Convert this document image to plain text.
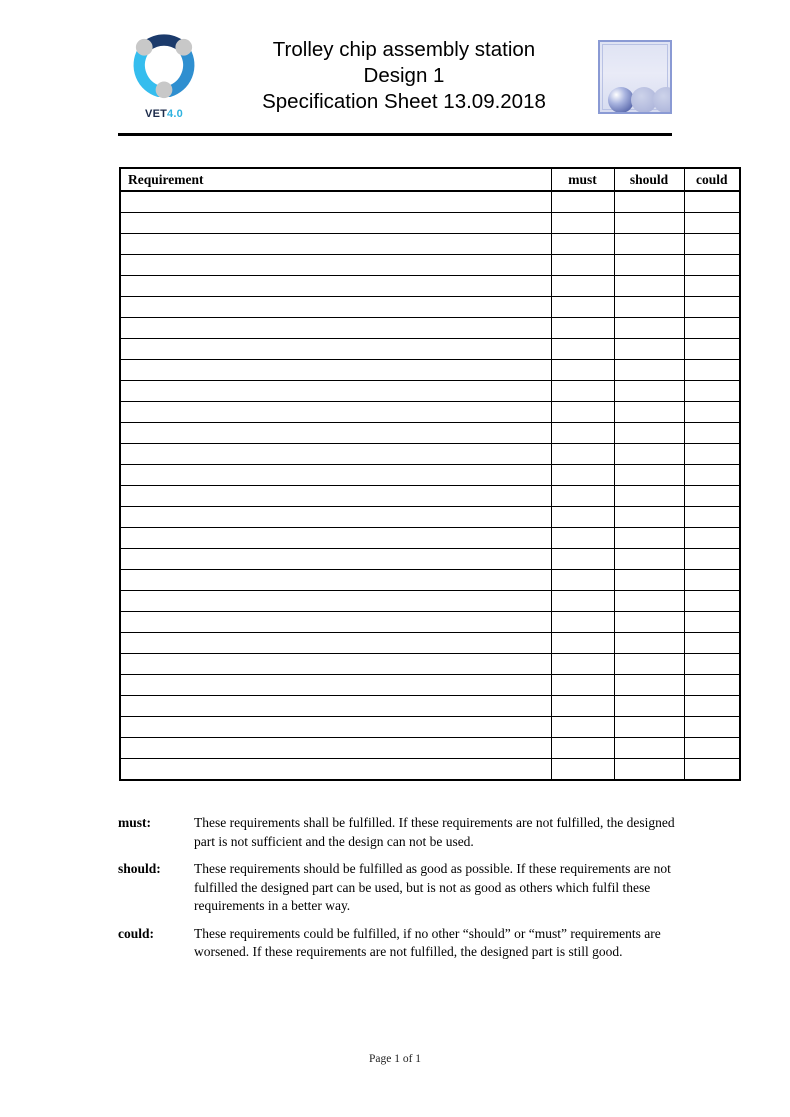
VET4.0
Trolley chip assembly station
Design 1
Specification Sheet 13.09.2018
Requirement	must	should	could

must:	These requirements shall be fulfilled. If these requirements are not fulfilled, the designed part is not sufficient and the design can not be used.
should:	These requirements should be fulfilled as good as possible. If these requirements are not fulfilled the designed part can be used, but is not as good as others which fulfil these requirements in a better way.
could:	These requirements could be fulfilled, if no other “should” or “must” requirements are worsened. If these requirements are not fulfilled, the designed part is still good.
Page 1 of 1
